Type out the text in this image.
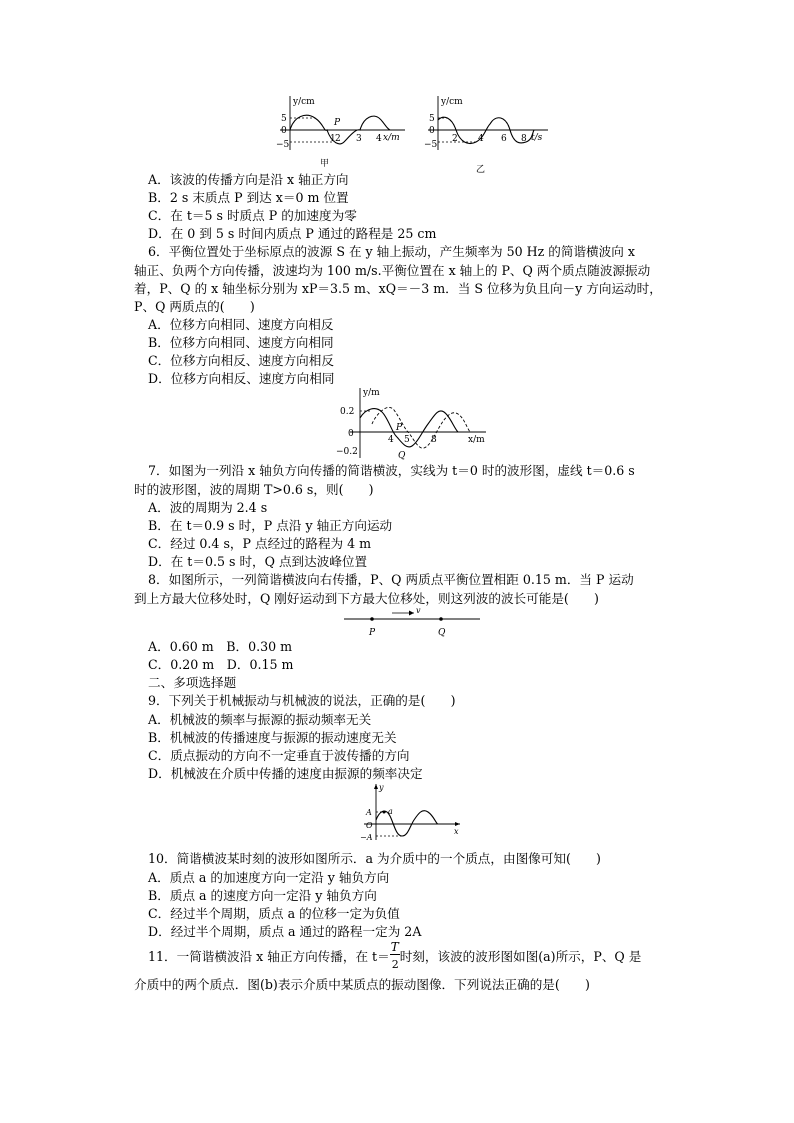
y/cm
x/m
5
0
−5
1
P
2 3 4
甲
y/cm
t/s
5
0
−5
2 4 6 8
乙
A．该波的传播方向是沿 x 轴正方向
B．2 s 末质点 P 到达 x＝0 m 位置
C．在 t＝5 s 时质点 P 的加速度为零
D．在 0 到 5 s 时间内质点 P 通过的路程是 25 cm
6．平衡位置处于坐标原点的波源 S 在 y 轴上振动，产生频率为 50 Hz 的简谐横波向 x
轴正、负两个方向传播，波速均为 100 m/s.平衡位置在 x 轴上的 P、Q 两个质点随波源振动
着，P、Q 的 x 轴坐标分别为 xP＝3.5 m、xQ＝－3 m．当 S 位移为负且向－y 方向运动时，
P、Q 两质点的(　　)
A．位移方向相同、速度方向相反
B．位移方向相同、速度方向相同
C．位移方向相反、速度方向相反
D．位移方向相反、速度方向相同
y/m
x/m
0.2
0
−0.2
4
P
5
Q
8
7．如图为一列沿 x 轴负方向传播的简谐横波，实线为 t＝0 时的波形图，虚线 t＝0.6 s
时的波形图，波的周期 T>0.6 s，则(　　)
A．波的周期为 2.4 s
B．在 t＝0.9 s 时，P 点沿 y 轴正方向运动
C．经过 0.4 s，P 点经过的路程为 4 m
D．在 t＝0.5 s 时，Q 点到达波峰位置
8．如图所示，一列简谐横波向右传播，P、Q 两质点平衡位置相距 0.15 m．当 P 运动
到上方最大位移处时，Q 刚好运动到下方最大位移处，则这列波的波长可能是(　　)
v
P	Q
A．0.60 m　B．0.30 m
C．0.20 m　D．0.15 m
二、多项选择题
9．下列关于机械振动与机械波的说法，正确的是(　　)
A．机械波的频率与振源的振动频率无关
B．机械波的传播速度与振源的振动速度无关
C．质点振动的方向不一定垂直于波传播的方向
D．机械波在介质中传播的速度由振源的频率决定
y
x
A
O
−A
a
10．简谐横波某时刻的波形如图所示．a 为介质中的一个质点，由图像可知(　　)
A．质点 a 的加速度方向一定沿 y 轴负方向
B．质点 a 的速度方向一定沿 y 轴负方向
C．经过半个周期，质点 a 的位移一定为负值
D．经过半个周期，质点 a 通过的路程一定为 2A
11．一简谐横波沿 x 轴正方向传播，在 $t= \frac{T}{2}$ 时刻，该波的波形图如图(a)所示，P、Q 是
介质中的两个质点．图(b)表示介质中某质点的振动图像．下列说法正确的是(　　)
